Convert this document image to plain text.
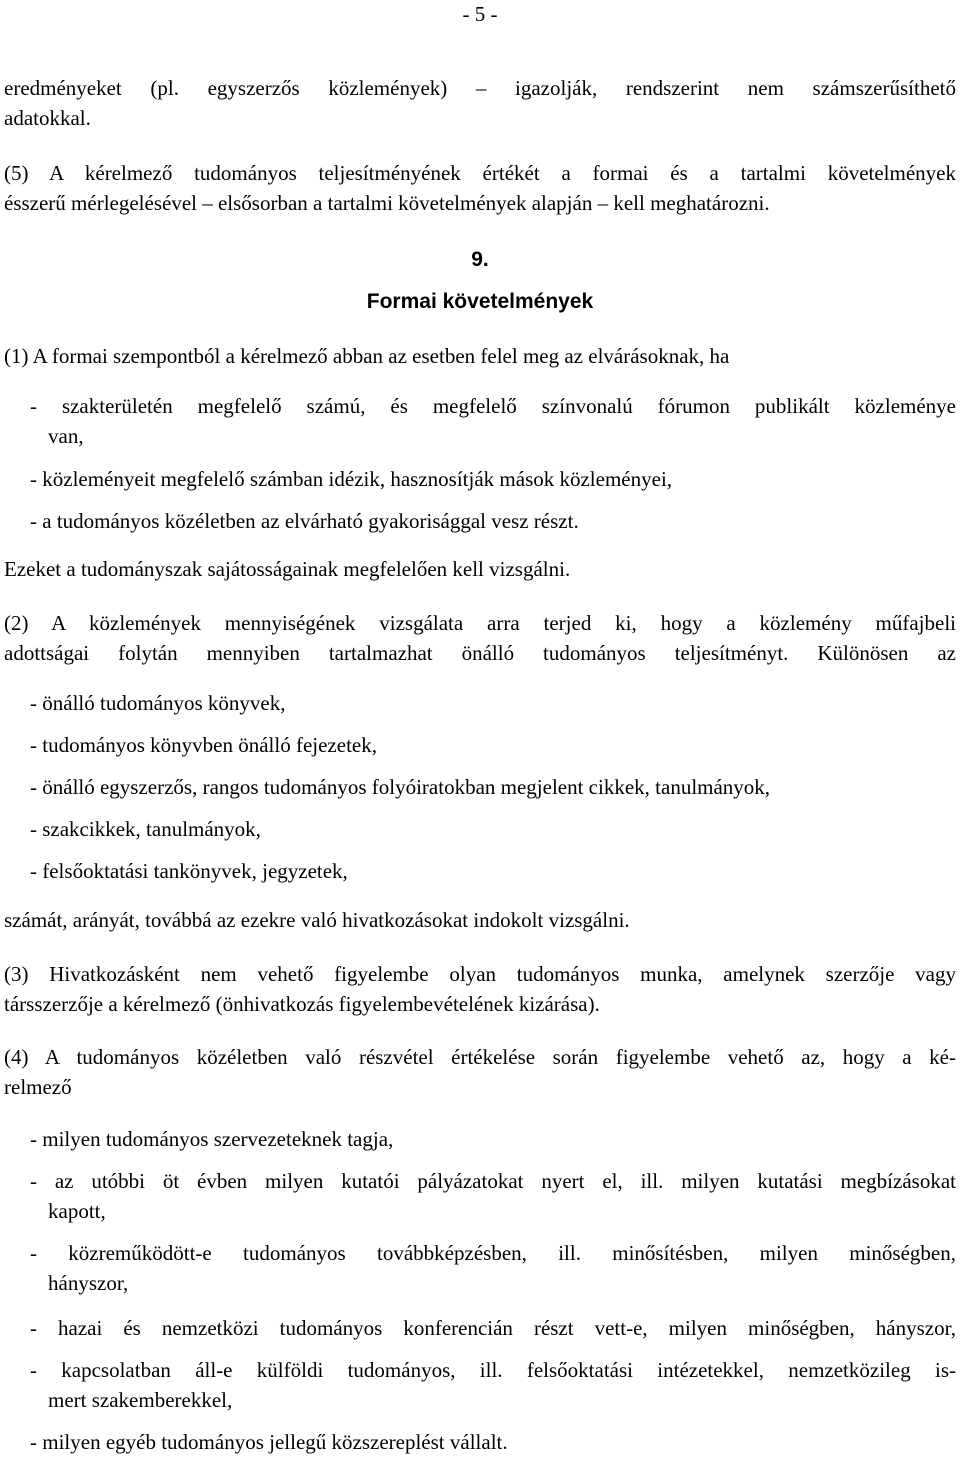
- 5 -
eredményeket (pl. egyszerzős közlemények) – igazolják, rendszerint nem számszerűsíthető
adatokkal.
(5) A kérelmező tudományos teljesítményének értékét a formai és a tartalmi követelmények
ésszerű mérlegelésével – elsősorban a tartalmi követelmények alapján – kell meghatározni.
9.
Formai követelmények
(1) A formai szempontból a kérelmező abban az esetben felel meg az elvárásoknak, ha
- szakterületén megfelelő számú, és megfelelő színvonalú fórumon publikált közleménye
van,
- közleményeit megfelelő számban idézik, hasznosítják mások közleményei,
- a tudományos közéletben az elvárható gyakorisággal vesz részt.
Ezeket a tudományszak sajátosságainak megfelelően kell vizsgálni.
(2) A közlemények mennyiségének vizsgálata arra terjed ki, hogy a közlemény műfajbeli
adottságai folytán mennyiben tartalmazhat önálló tudományos teljesítményt. Különösen az
- önálló tudományos könyvek,
- tudományos könyvben önálló fejezetek,
- önálló egyszerzős, rangos tudományos folyóiratokban megjelent cikkek, tanulmányok,
- szakcikkek, tanulmányok,
- felsőoktatási tankönyvek, jegyzetek,
számát, arányát, továbbá az ezekre való hivatkozásokat indokolt vizsgálni.
(3) Hivatkozásként nem vehető figyelembe olyan tudományos munka, amelynek szerzője vagy
társszerzője a kérelmező (önhivatkozás figyelembevételének kizárása).
(4) A tudományos közéletben való részvétel értékelése során figyelembe vehető az, hogy a ké-
relmező
- milyen tudományos szervezeteknek tagja,
- az utóbbi öt évben milyen kutatói pályázatokat nyert el, ill. milyen kutatási megbízásokat
kapott,
- közreműködött-e tudományos továbbképzésben, ill. minősítésben, milyen minőségben,
hányszor,
- hazai és nemzetközi tudományos konferencián részt vett-e, milyen minőségben, hányszor,
- kapcsolatban áll-e külföldi tudományos, ill. felsőoktatási intézetekkel, nemzetközileg is-
mert szakemberekkel,
- milyen egyéb tudományos jellegű közszereplést vállalt.
